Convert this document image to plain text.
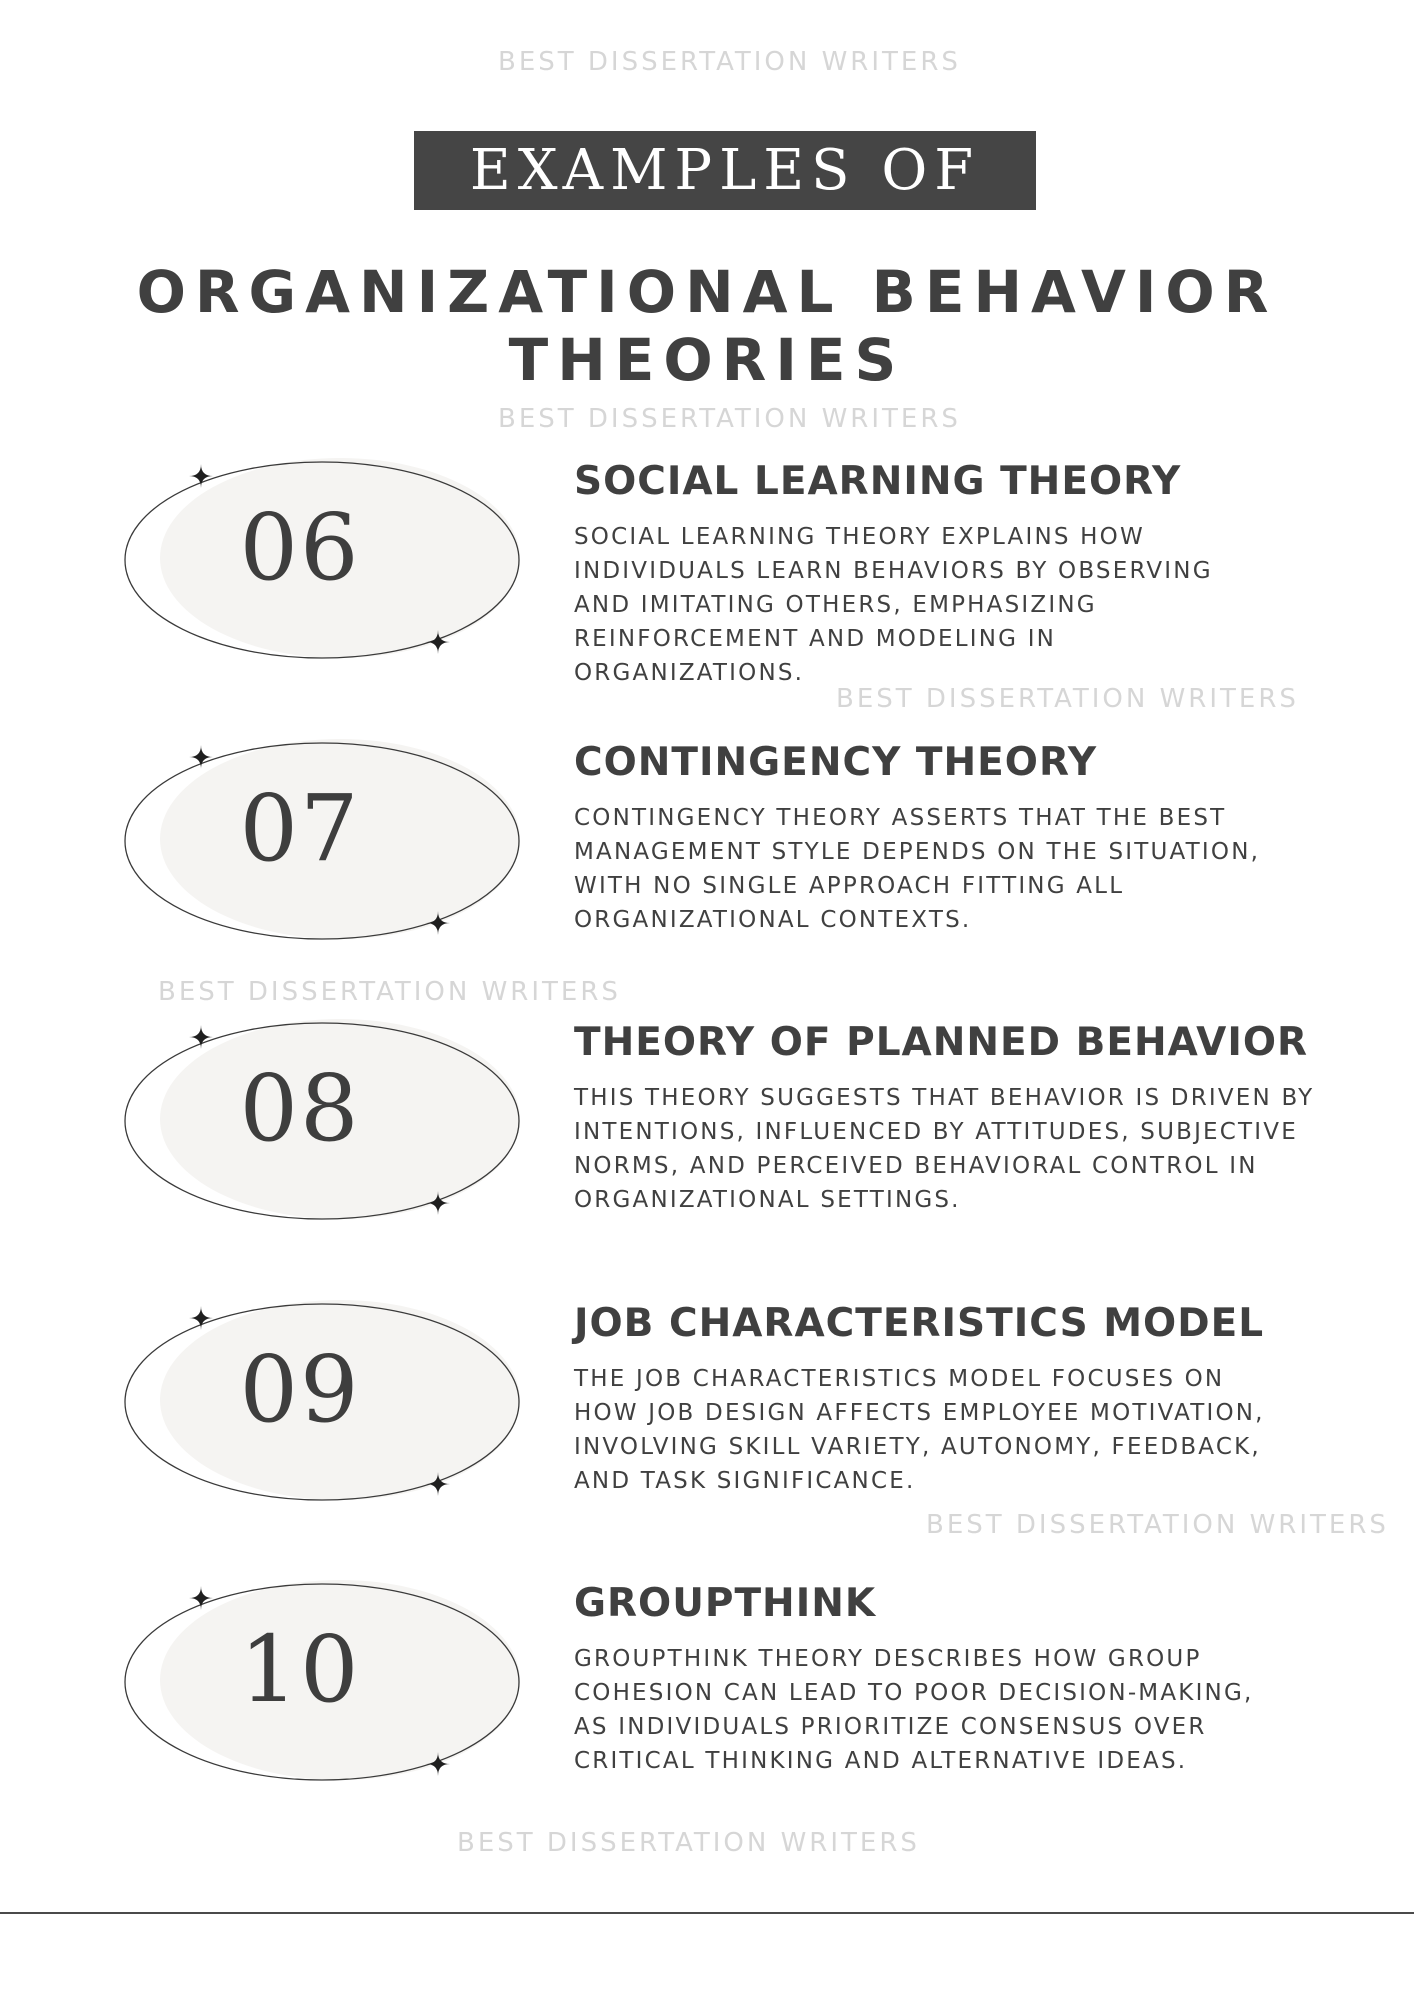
BEST DISSERTATION WRITERS
BEST DISSERTATION WRITERS
BEST DISSERTATION WRITERS
BEST DISSERTATION WRITERS
BEST DISSERTATION WRITERS
BEST DISSERTATION WRITERS
EXAMPLES OF
ORGANIZATIONAL BEHAVIOR
THEORIES
06
SOCIAL LEARNING THEORY

SOCIAL LEARNING THEORY EXPLAINS HOW
INDIVIDUALS LEARN BEHAVIORS BY OBSERVING
AND IMITATING OTHERS, EMPHASIZING
REINFORCEMENT AND MODELING IN
ORGANIZATIONS.

07
CONTINGENCY THEORY

CONTINGENCY THEORY ASSERTS THAT THE BEST
MANAGEMENT STYLE DEPENDS ON THE SITUATION,
WITH NO SINGLE APPROACH FITTING ALL
ORGANIZATIONAL CONTEXTS.

08
THEORY OF PLANNED BEHAVIOR

THIS THEORY SUGGESTS THAT BEHAVIOR IS DRIVEN BY
INTENTIONS, INFLUENCED BY ATTITUDES, SUBJECTIVE
NORMS, AND PERCEIVED BEHAVIORAL CONTROL IN
ORGANIZATIONAL SETTINGS.

09
JOB CHARACTERISTICS MODEL

THE JOB CHARACTERISTICS MODEL FOCUSES ON
HOW JOB DESIGN AFFECTS EMPLOYEE MOTIVATION,
INVOLVING SKILL VARIETY, AUTONOMY, FEEDBACK,
AND TASK SIGNIFICANCE.

10
GROUPTHINK

GROUPTHINK THEORY DESCRIBES HOW GROUP
COHESION CAN LEAD TO POOR DECISION-MAKING,
AS INDIVIDUALS PRIORITIZE CONSENSUS OVER
CRITICAL THINKING AND ALTERNATIVE IDEAS.
